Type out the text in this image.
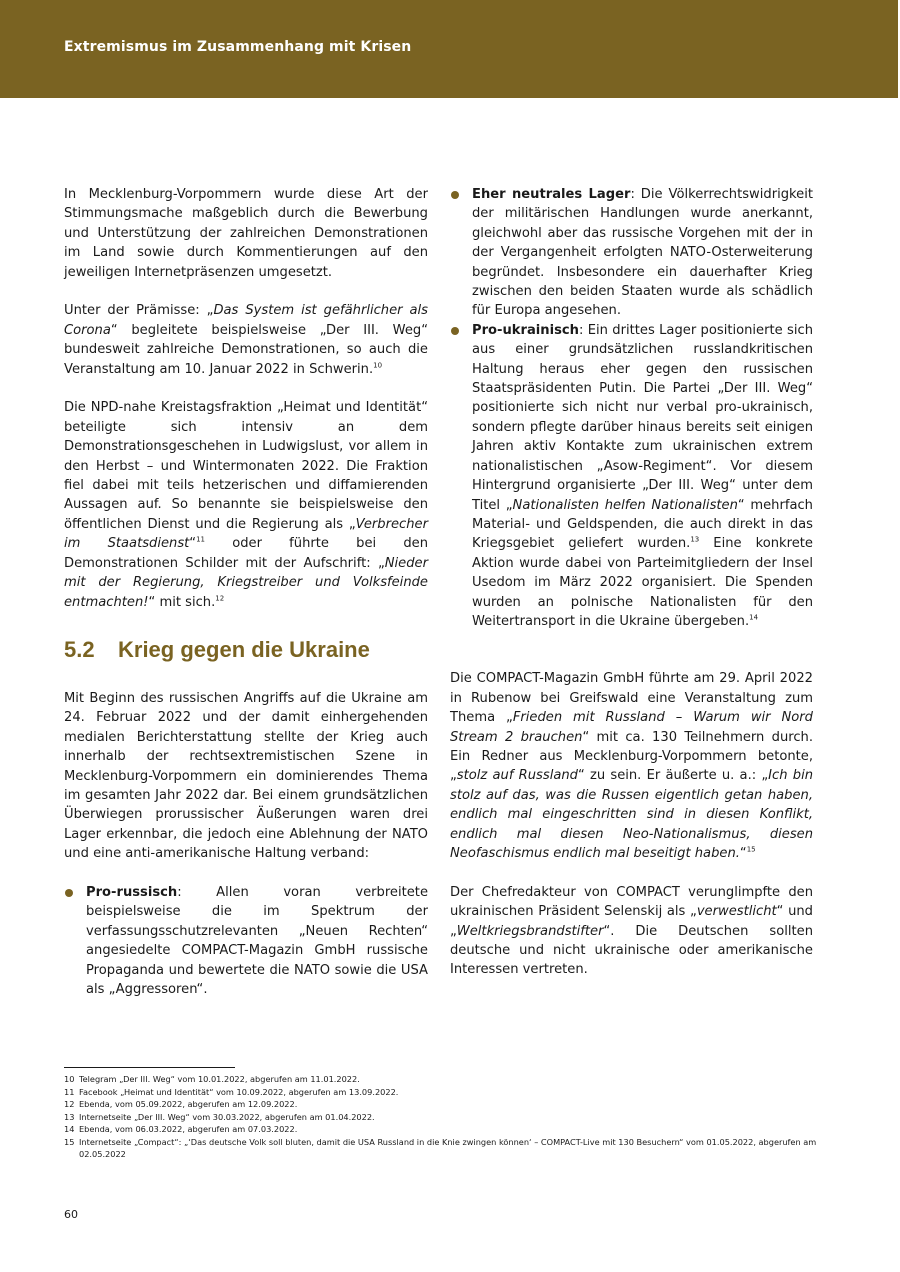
Extremismus im Zusammenhang mit Krisen

In Mecklenburg-Vorpommern wurde diese Art der Stimmungsmache maßgeblich durch die Bewerbung und Unterstützung der zahlreichen Demonstrationen im Land sowie durch Kommentierungen auf den jeweiligen Internetpräsenzen umgesetzt.

Unter der Prämisse: „Das System ist gefährlicher als Corona“ begleitete beispielsweise „Der III. Weg“ bundesweit zahlreiche Demonstrationen, so auch die Veranstaltung am 10. Januar 2022 in Schwerin.$^{10}$

Die NPD-nahe Kreistagsfraktion „Heimat und Identität“ beteiligte sich intensiv an dem Demonstrationsgeschehen in Ludwigslust, vor allem in den Herbst – und Wintermonaten 2022. Die Fraktion fiel dabei mit teils hetzerischen und diffamierenden Aussagen auf. So benannte sie beispielsweise den öffentlichen Dienst und die Regierung als „Verbrecher im Staatsdienst“$^{11}$ oder führte bei den Demonstrationen Schilder mit der Aufschrift: „Nieder mit der Regierung, Kriegstreiber und Volksfeinde entmachten!“ mit sich.$^{12}$

5.2 Krieg gegen die Ukraine

Mit Beginn des russischen Angriffs auf die Ukraine am 24. Februar 2022 und der damit einhergehenden medialen Berichterstattung stellte der Krieg auch innerhalb der rechtsextremistischen Szene in Mecklenburg-Vorpommern ein dominierendes Thema im gesamten Jahr 2022 dar. Bei einem grundsätzlichen Überwiegen prorussischer Äußerungen waren drei Lager erkennbar, die jedoch eine Ablehnung der NATO und eine anti-amerikanische Haltung verband:

Pro-russisch: Allen voran verbreitete beispielsweise die im Spektrum der verfassungsschutzrelevanten „Neuen Rechten“ angesiedelte COMPACT-Magazin GmbH russische Propaganda und bewertete die NATO sowie die USA als „Aggressoren“.
Eher neutrales Lager: Die Völkerrechtswidrigkeit der militärischen Handlungen wurde anerkannt, gleichwohl aber das russische Vorgehen mit der in der Vergangenheit erfolgten NATO-Osterweiterung begründet. Insbesondere ein dauerhafter Krieg zwischen den beiden Staaten wurde als schädlich für Europa angesehen.
Pro-ukrainisch: Ein drittes Lager positionierte sich aus einer grundsätzlichen russlandkritischen Haltung heraus eher gegen den russischen Staatspräsidenten Putin. Die Partei „Der III. Weg“ positionierte sich nicht nur verbal pro-ukrainisch, sondern pflegte darüber hinaus bereits seit einigen Jahren aktiv Kontakte zum ukrainischen extrem nationalistischen „Asow-Regiment“. Vor diesem Hintergrund organisierte „Der III. Weg“ unter dem Titel „Nationalisten helfen Nationalisten“ mehrfach Material- und Geldspenden, die auch direkt in das Kriegsgebiet geliefert wurden.$^{13}$ Eine konkrete Aktion wurde dabei von Parteimitgliedern der Insel Usedom im März 2022 organisiert. Die Spenden wurden an polnische Nationalisten für den Weitertransport in die Ukraine übergeben.$^{14}$

Die COMPACT-Magazin GmbH führte am 29. April 2022 in Rubenow bei Greifswald eine Veranstaltung zum Thema „Frieden mit Russland – Warum wir Nord Stream 2 brauchen“ mit ca. 130 Teilnehmern durch. Ein Redner aus Mecklenburg-Vorpommern betonte, „stolz auf Russland“ zu sein. Er äußerte u. a.: „Ich bin stolz auf das, was die Russen eigentlich getan haben, endlich mal eingeschritten sind in diesen Konflikt, endlich mal diesen Neo-Nationalismus, diesen Neofaschismus endlich mal beseitigt haben.“$^{15}$

Der Chefredakteur von COMPACT verunglimpfte den ukrainischen Präsident Selenskij als „verwestlicht“ und „Weltkriegsbrandstifter“. Die Deutschen sollten deutsche und nicht ukrainische oder amerikanische Interessen vertreten.

10 Telegram „Der III. Weg“ vom 10.01.2022, abgerufen am 11.01.2022.
11 Facebook „Heimat und Identität“ vom 10.09.2022, abgerufen am 13.09.2022.
12 Ebenda, vom 05.09.2022, abgerufen am 12.09.2022.
13 Internetseite „Der III. Weg“ vom 30.03.2022, abgerufen am 01.04.2022.
14 Ebenda, vom 06.03.2022, abgerufen am 07.03.2022.
15 Internetseite „Compact“: „‘Das deutsche Volk soll bluten, damit die USA Russland in die Knie zwingen können‘ – COMPACT-Live mit 130 Besuchern“ vom 01.05.2022, abgerufen am 02.05.2022
60
